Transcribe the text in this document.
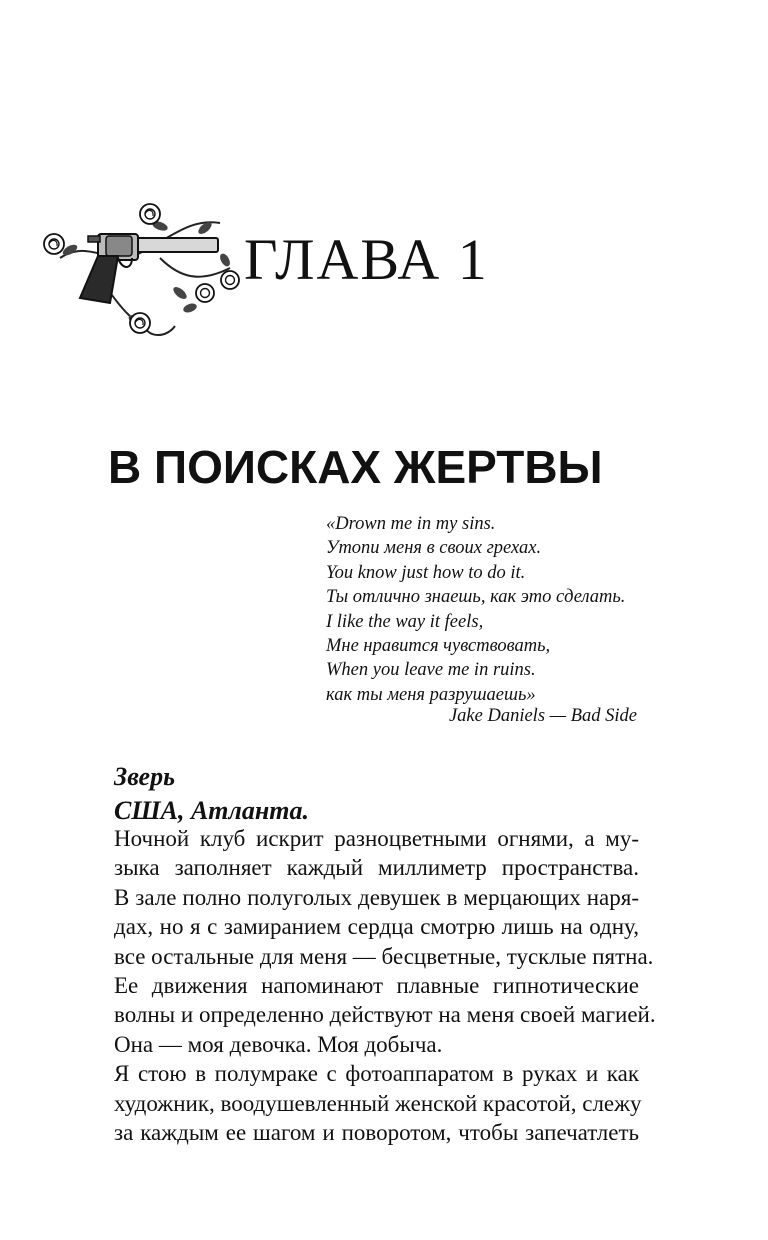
ГЛАВА 1
В ПОИСКАХ ЖЕРТВЫ
«Drown me in my sins.
Утопи меня в своих грехах.
You know just how to do it.
Ты отлично знаешь, как это сделать.
I like the way it feels,
Мне нравится чувствовать,
When you leave me in ruins.
как ты меня разрушаешь»
Jake Daniels — Bad Side
Зверь
США, Атланта.

Ночной клуб искрит разноцветными огнями, а му-
зыка заполняет каждый миллиметр пространства.
В зале полно полуголых девушек в мерцающих наря-
дах, но я с замиранием сердца смотрю лишь на одну,
все остальные для меня — бесцветные, тусклые пятна.

Ее движения напоминают плавные гипнотические
волны и определенно действуют на меня своей магией.
Она — моя девочка. Моя добыча.

Я стою в полумраке с фотоаппаратом в руках и как
художник, воодушевленный женской красотой, слежу
за каждым ее шагом и поворотом, чтобы запечатлеть
